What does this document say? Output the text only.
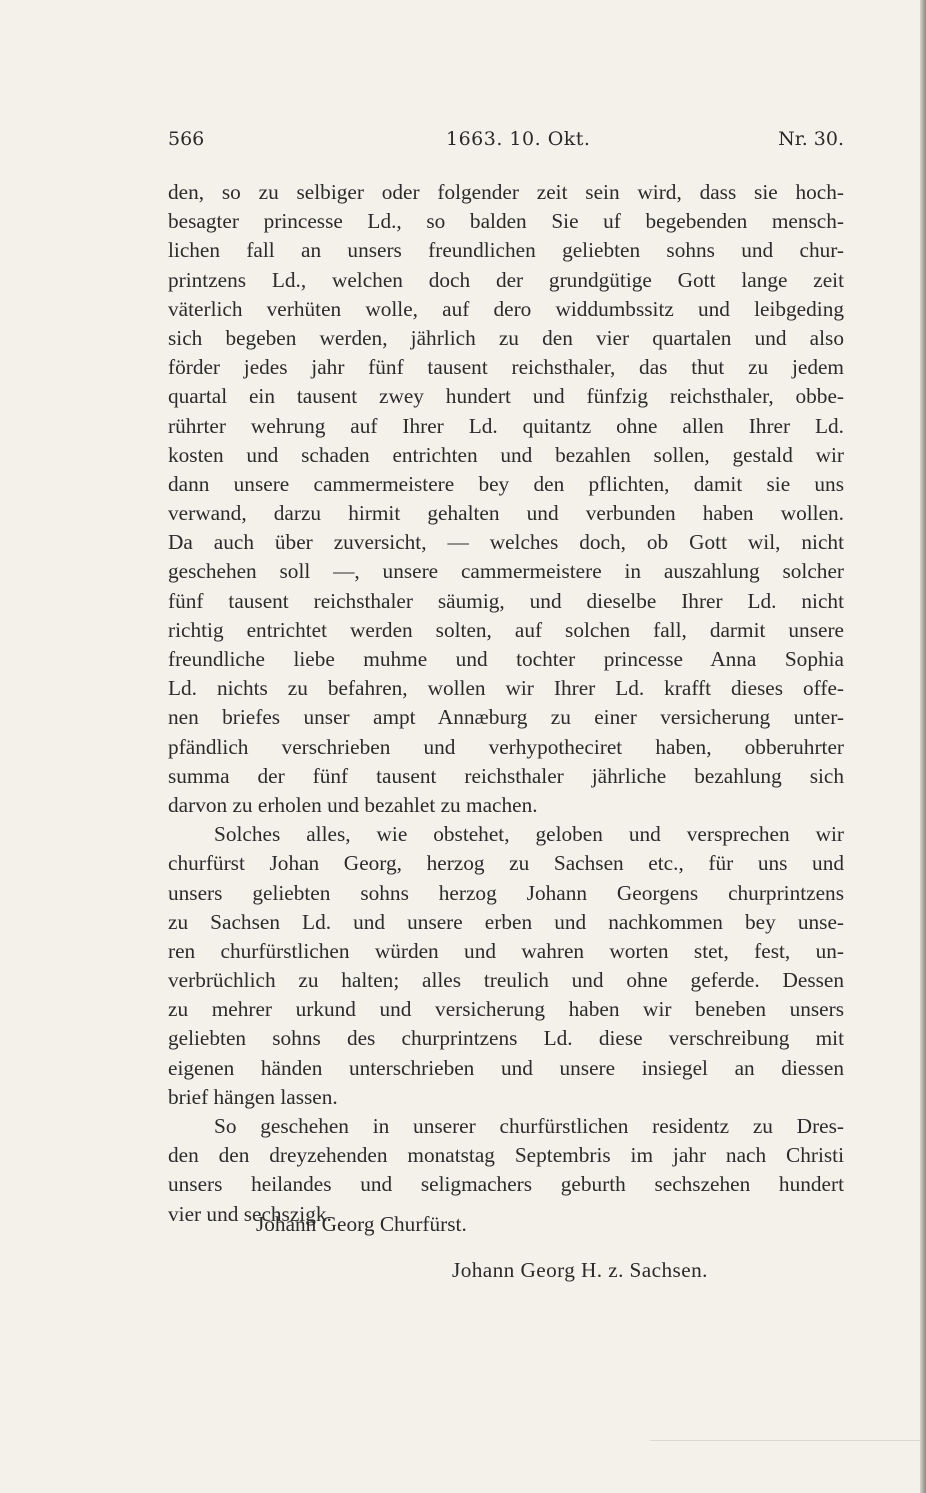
566	1663. 10. Okt.	Nr. 30.
den, so zu selbiger oder folgender zeit sein wird, dass sie hoch-
besagter princesse Ld., so balden Sie uf begebenden mensch-
lichen fall an unsers freundlichen geliebten sohns und chur-
printzens Ld., welchen doch der grundgütige Gott lange zeit
väterlich verhüten wolle, auf dero widdumbssitz und leibgeding
sich begeben werden, jährlich zu den vier quartalen und also
förder jedes jahr fünf tausent reichsthaler, das thut zu jedem
quartal ein tausent zwey hundert und fünfzig reichsthaler, obbe-
rührter wehrung auf Ihrer Ld. quitantz ohne allen Ihrer Ld.
kosten und schaden entrichten und bezahlen sollen, gestald wir
dann unsere cammermeistere bey den pflichten, damit sie uns
verwand, darzu hirmit gehalten und verbunden haben wollen.
Da auch über zuversicht, — welches doch, ob Gott wil, nicht
geschehen soll —, unsere cammermeistere in auszahlung solcher
fünf tausent reichsthaler säumig, und dieselbe Ihrer Ld. nicht
richtig entrichtet werden solten, auf solchen fall, darmit unsere
freundliche liebe muhme und tochter princesse Anna Sophia
Ld. nichts zu befahren, wollen wir Ihrer Ld. krafft dieses offe-
nen briefes unser ampt Annæburg zu einer versicherung unter-
pfändlich verschrieben und verhypotheciret haben, obberuhrter
summa der fünf tausent reichsthaler jährliche bezahlung sich
darvon zu erholen und bezahlet zu machen.
Solches alles, wie obstehet, geloben und versprechen wir
churfürst Johan Georg, herzog zu Sachsen etc., für uns und
unsers geliebten sohns herzog Johann Georgens churprintzens
zu Sachsen Ld. und unsere erben und nachkommen bey unse-
ren churfürstlichen würden und wahren worten stet, fest, un-
verbrüchlich zu halten; alles treulich und ohne geferde. Dessen
zu mehrer urkund und versicherung haben wir beneben unsers
geliebten sohns des churprintzens Ld. diese verschreibung mit
eigenen händen unterschrieben und unsere insiegel an diessen
brief hängen lassen.
So geschehen in unserer churfürstlichen residentz zu Dres-
den den dreyzehenden monatstag Septembris im jahr nach Christi
unsers heilandes und seligmachers geburth sechszehen hundert
vier und sechszigk.
Johann Georg Churfürst.
Johann Georg H. z. Sachsen.
